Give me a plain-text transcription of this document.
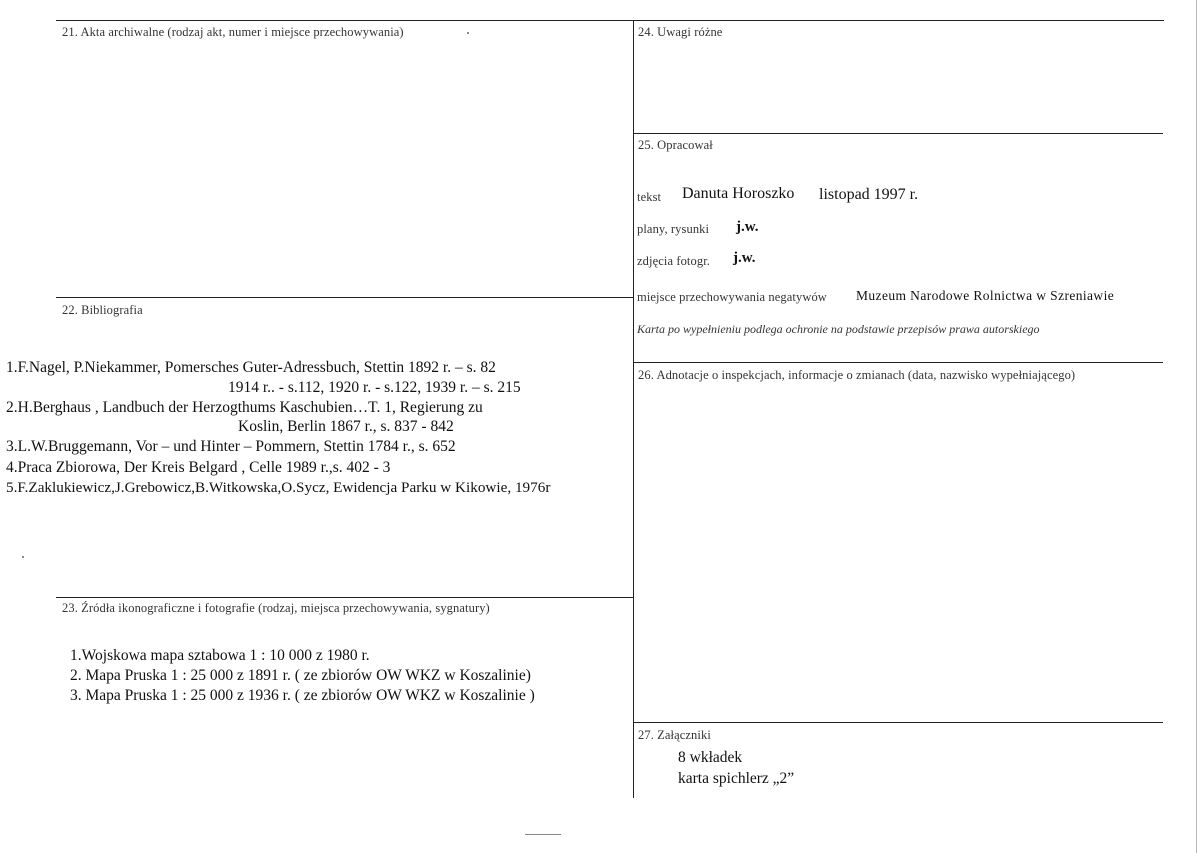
21. Akta archiwalne (rodzaj akt, numer i miejsce przechowywania)
22. Bibliografia
1.F.Nagel, P.Niekammer, Pomersches Guter-Adressbuch, Stettin 1892 r. – s. 82
1914 r.. - s.112, 1920 r. - s.122, 1939 r. – s. 215
2.H.Berghaus , Landbuch der Herzogthums Kaschubien…T. 1, Regierung zu
Koslin, Berlin 1867 r., s. 837 - 842
3.L.W.Bruggemann, Vor – und Hinter – Pommern, Stettin 1784 r., s. 652
4.Praca Zbiorowa, Der Kreis Belgard , Celle 1989 r.,s. 402 - 3
5.F.Zaklukiewicz,J.Grebowicz,B.Witkowska,O.Sycz, Ewidencja Parku w Kikowie, 1976r
23. Źródła ikonograficzne i fotografie (rodzaj, miejsca przechowywania, sygnatury)
1.Wojskowa mapa sztabowa 1 : 10 000 z 1980 r.
2. Mapa Pruska 1 : 25 000 z 1891 r. ( ze zbiorów OW WKZ w Koszalinie)
3. Mapa Pruska 1 : 25 000 z 1936 r. ( ze zbiorów OW WKZ w Koszalinie )
24. Uwagi różne
25. Opracował
tekst Danuta Horoszko listopad 1997 r.
plany, rysunki j.w.
zdjęcia fotogr. j.w.
miejsce przechowywania negatywów Muzeum Narodowe Rolnictwa w Szreniawie
Karta po wypełnieniu podlega ochronie na podstawie przepisów prawa autorskiego
26. Adnotacje o inspekcjach, informacje o zmianach (data, nazwisko wypełniającego)
27. Załączniki
8 wkładek
karta spichlerz „2”
